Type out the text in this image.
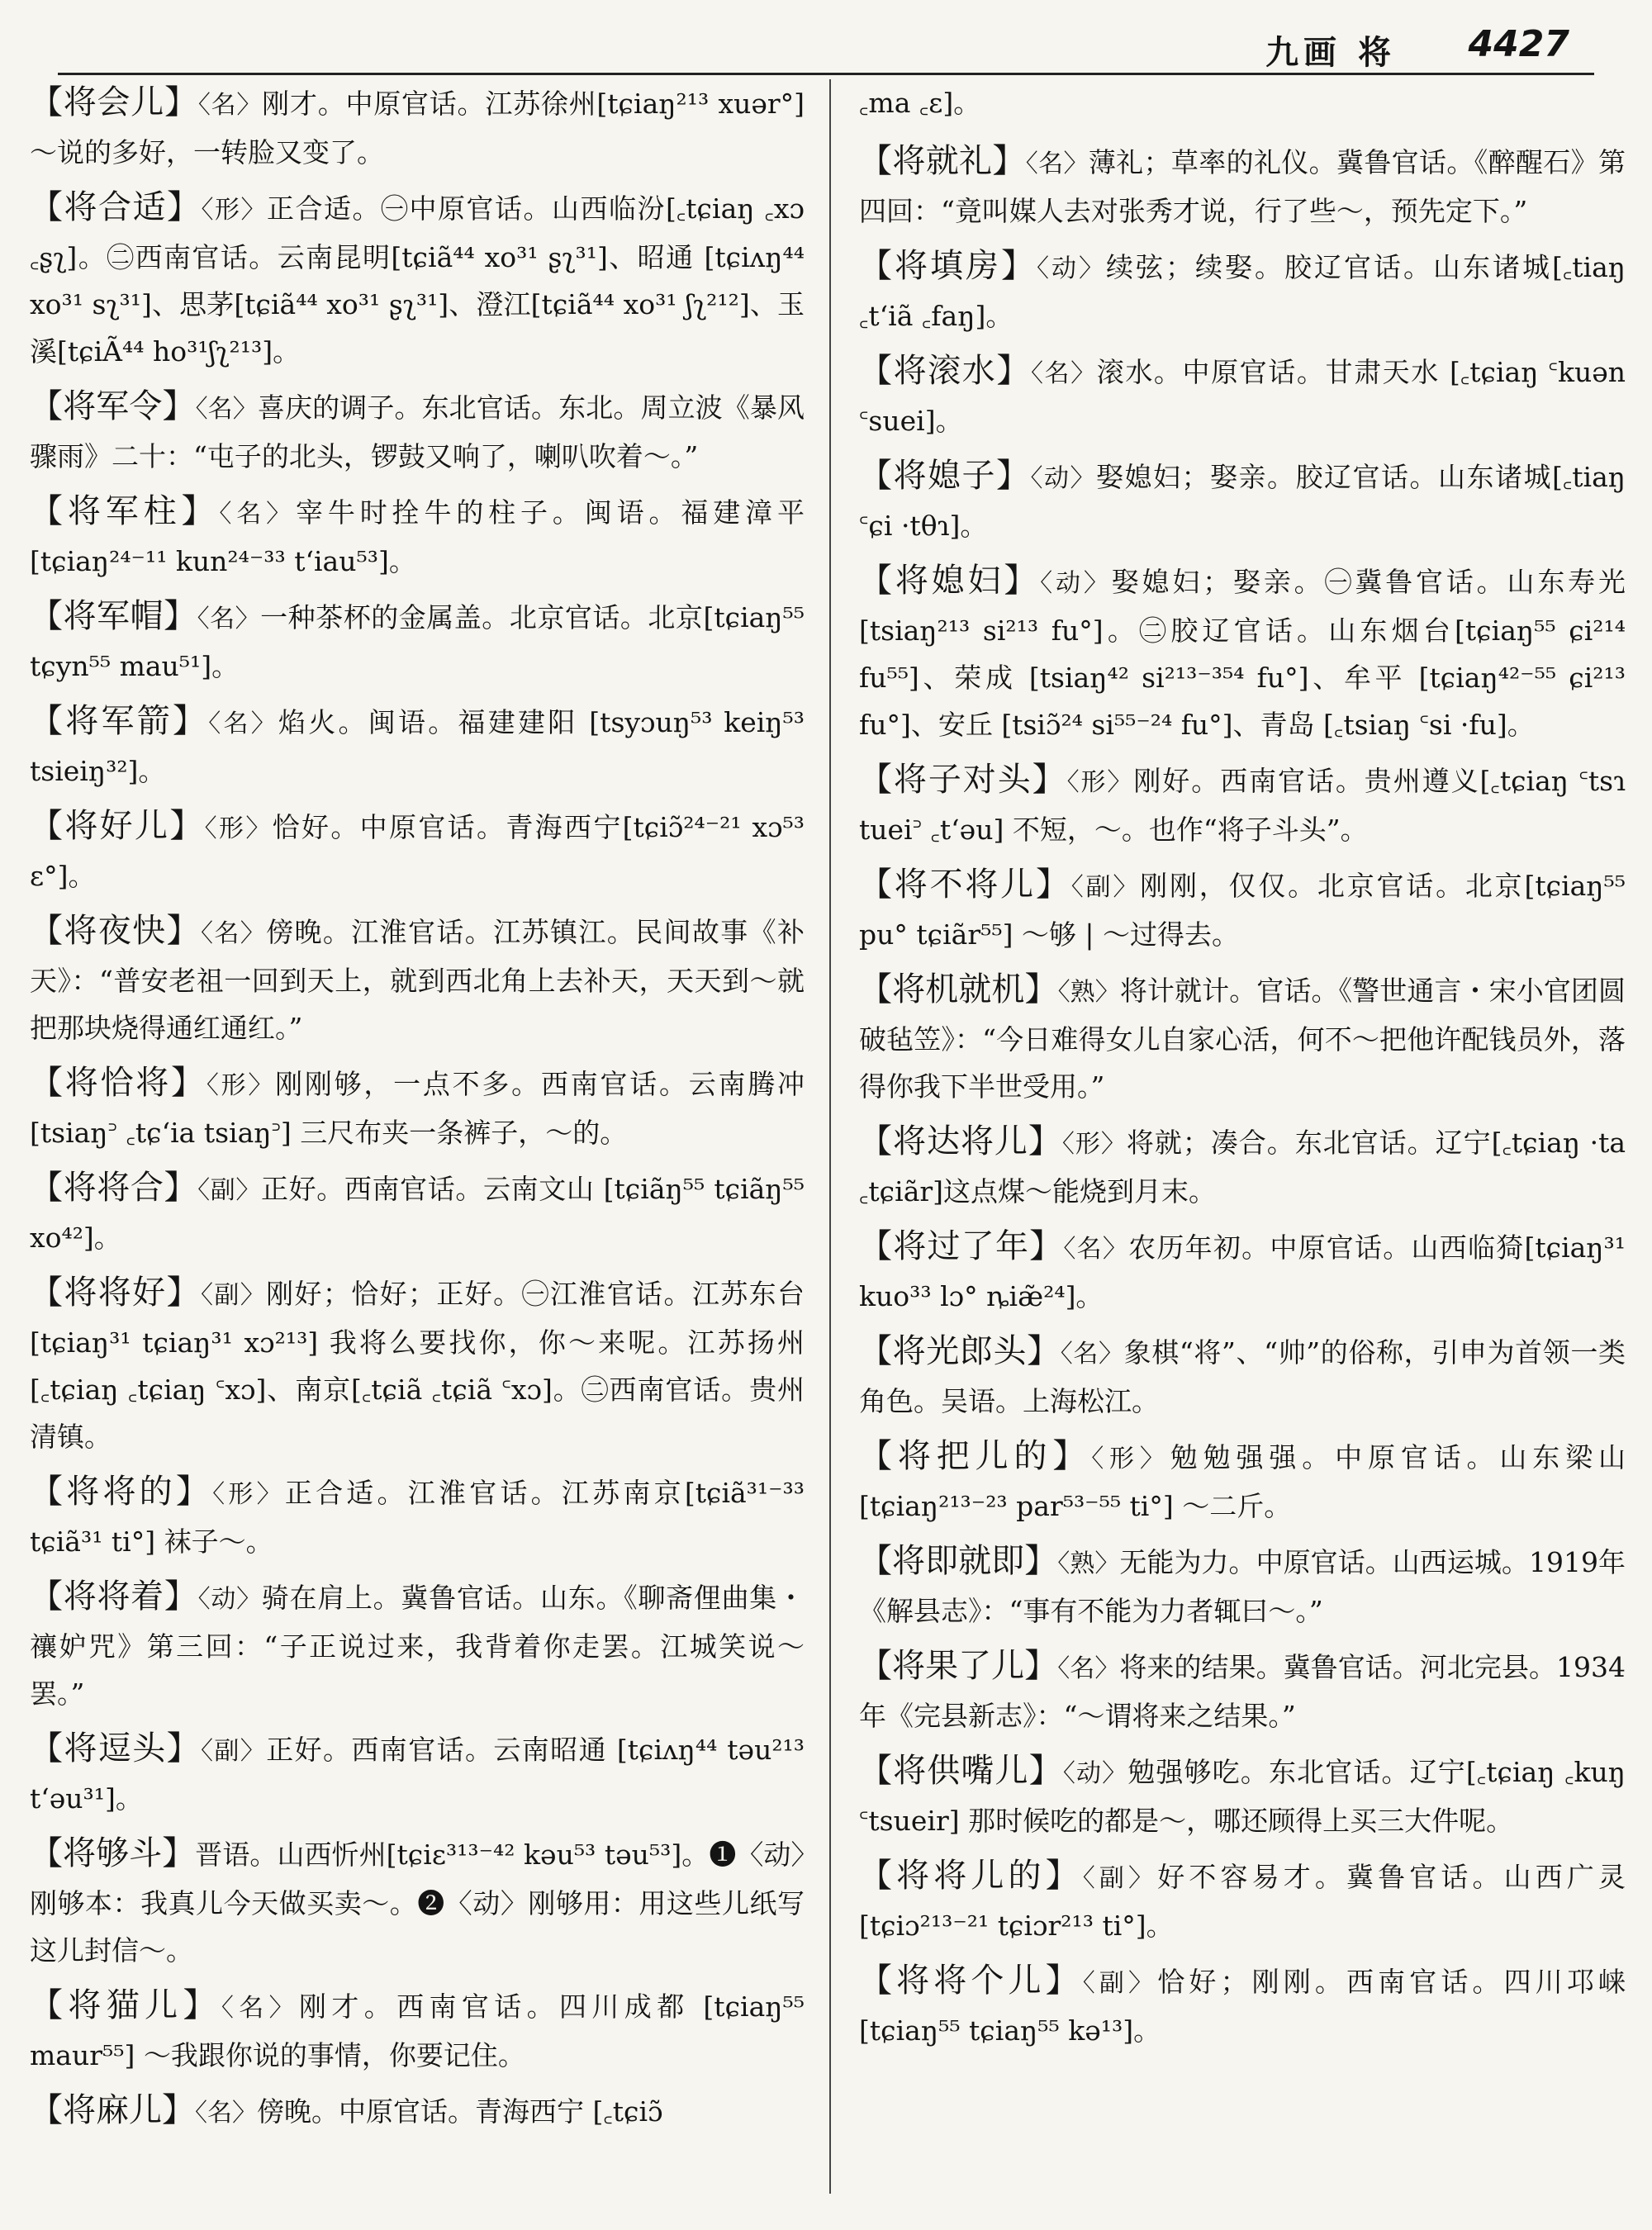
九画 将 4427
【将会儿】〈名〉刚才。中原官话。江苏徐州[tɕiaŋ²¹³ xuər°] ～说的多好，一转脸又变了。
【将合适】〈形〉正合适。㊀中原官话。山西临汾[꜀tɕiaŋ ꜀xɔ ꜀ʂʅ]。㊁西南官话。云南昆明[tɕiã⁴⁴ xo³¹ ʂʅ³¹]、昭通 [tɕiʌŋ⁴⁴ xo³¹ sʅ³¹]、思茅[tɕiã⁴⁴ xo³¹ ʂʅ³¹]、澄江[tɕiã⁴⁴ xo³¹ ʃʅ²¹²]、玉溪[tɕiÃ⁴⁴ ho³¹ʃʅ²¹³]。
【将军令】〈名〉喜庆的调子。东北官话。东北。周立波《暴风骤雨》二十：“屯子的北头，锣鼓又响了，喇叭吹着～。”
【将军柱】〈名〉宰牛时拴牛的柱子。闽语。福建漳平[tɕiaŋ²⁴⁻¹¹ kun²⁴⁻³³ tʻiau⁵³]。
【将军帽】〈名〉一种茶杯的金属盖。北京官话。北京[tɕiaŋ⁵⁵ tɕyn⁵⁵ mau⁵¹]。
【将军箭】〈名〉焰火。闽语。福建建阳 [tsyɔuŋ⁵³ keiŋ⁵³ tsieiŋ³²]。
【将好儿】〈形〉恰好。中原官话。青海西宁[tɕiɔ̃²⁴⁻²¹ xɔ⁵³ ɛ°]。
【将夜快】〈名〉傍晚。江淮官话。江苏镇江。民间故事《补天》：“普安老祖一回到天上，就到西北角上去补天，天天到～就把那块烧得通红通红。”
【将恰将】〈形〉刚刚够，一点不多。西南官话。云南腾冲 [tsiaŋ꜄ ꜀tɕʻia tsiaŋ꜄] 三尺布夹一条裤子，～的。
【将将合】〈副〉正好。西南官话。云南文山 [tɕiãŋ⁵⁵ tɕiãŋ⁵⁵ xo⁴²]。
【将将好】〈副〉刚好；恰好；正好。㊀江淮官话。江苏东台 [tɕiaŋ³¹ tɕiaŋ³¹ xɔ²¹³] 我将么要找你，你～来呢。江苏扬州 [꜀tɕiaŋ ꜀tɕiaŋ ꜂xɔ]、南京[꜀tɕiã ꜀tɕiã ꜂xɔ]。㊁西南官话。贵州清镇。
【将将的】〈形〉正合适。江淮官话。江苏南京[tɕiã³¹⁻³³ tɕiã³¹ ti°] 袜子～。
【将将着】〈动〉骑在肩上。冀鲁官话。山东。《聊斋俚曲集・禳妒咒》第三回：“子正说过来，我背着你走罢。江城笑说～罢。”
【将逗头】〈副〉正好。西南官话。云南昭通 [tɕiʌŋ⁴⁴ təu²¹³ tʻəu³¹]。
【将够斗】晋语。山西忻州[tɕiɛ³¹³⁻⁴² kəu⁵³ təu⁵³]。❶〈动〉刚够本：我真儿今天做买卖～。❷〈动〉刚够用：用这些儿纸写这儿封信～。
【将猫儿】〈名〉刚才。西南官话。四川成都 [tɕiaŋ⁵⁵ maur⁵⁵] ～我跟你说的事情，你要记住。
【将麻儿】〈名〉傍晚。中原官话。青海西宁 [꜀tɕiɔ̃
꜀ma ꜀ɛ]。
【将就礼】〈名〉薄礼；草率的礼仪。冀鲁官话。《醉醒石》第四回：“竟叫媒人去对张秀才说，行了些～，预先定下。”
【将填房】〈动〉续弦；续娶。胶辽官话。山东诸城[꜀tiaŋ ꜀tʻiã ꜀faŋ]。
【将滚水】〈名〉滚水。中原官话。甘肃天水 [꜀tɕiaŋ ꜂kuən ꜂suei]。
【将媳子】〈动〉娶媳妇；娶亲。胶辽官话。山东诸城[꜀tiaŋ ꜂ɕi ·tθɿ]。
【将媳妇】〈动〉娶媳妇；娶亲。㊀冀鲁官话。山东寿光 [tsiaŋ²¹³ si²¹³ fu°]。㊁胶辽官话。山东烟台[tɕiaŋ⁵⁵ ɕi²¹⁴ fu⁵⁵]、荣成 [tsiaŋ⁴² si²¹³⁻³⁵⁴ fu°]、牟平 [tɕiaŋ⁴²⁻⁵⁵ ɕi²¹³ fu°]、安丘 [tsiɔ̃²⁴ si⁵⁵⁻²⁴ fu°]、青岛 [꜀tsiaŋ ꜂si ·fu]。
【将子对头】〈形〉刚好。西南官话。贵州遵义[꜀tɕiaŋ ꜂tsɿ tuei꜄ ꜀tʻəu] 不短，～。也作“将子斗头”。
【将不将儿】〈副〉刚刚，仅仅。北京官话。北京[tɕiaŋ⁵⁵ pu° tɕiãr⁵⁵] ～够 | ～过得去。
【将机就机】〈熟〉将计就计。官话。《警世通言・宋小官团圆破毡笠》：“今日难得女儿自家心活，何不～把他许配钱员外，落得你我下半世受用。”
【将达将儿】〈形〉将就；凑合。东北官话。辽宁[꜀tɕiaŋ ·ta ꜀tɕiãr]这点煤～能烧到月末。
【将过了年】〈名〉农历年初。中原官话。山西临猗[tɕiaŋ³¹ kuo³³ lɔ° ȵiæ̃²⁴]。
【将光郎头】〈名〉象棋“将”、“帅”的俗称，引申为首领一类角色。吴语。上海松江。
【将把儿的】〈形〉勉勉强强。中原官话。山东梁山[tɕiaŋ²¹³⁻²³ par⁵³⁻⁵⁵ ti°] ～二斤。
【将即就即】〈熟〉无能为力。中原官话。山西运城。1919年《解县志》：“事有不能为力者辄曰～。”
【将果了儿】〈名〉将来的结果。冀鲁官话。河北完县。1934年《完县新志》：“～谓将来之结果。”
【将供嘴儿】〈动〉勉强够吃。东北官话。辽宁[꜀tɕiaŋ ꜀kuŋ ꜂tsueir] 那时候吃的都是～，哪还顾得上买三大件呢。
【将将儿的】〈副〉好不容易才。冀鲁官话。山西广灵[tɕiɔ²¹³⁻²¹ tɕiɔr²¹³ ti°]。
【将将个儿】〈副〉恰好；刚刚。西南官话。四川邛崃[tɕiaŋ⁵⁵ tɕiaŋ⁵⁵ kə¹³]。
